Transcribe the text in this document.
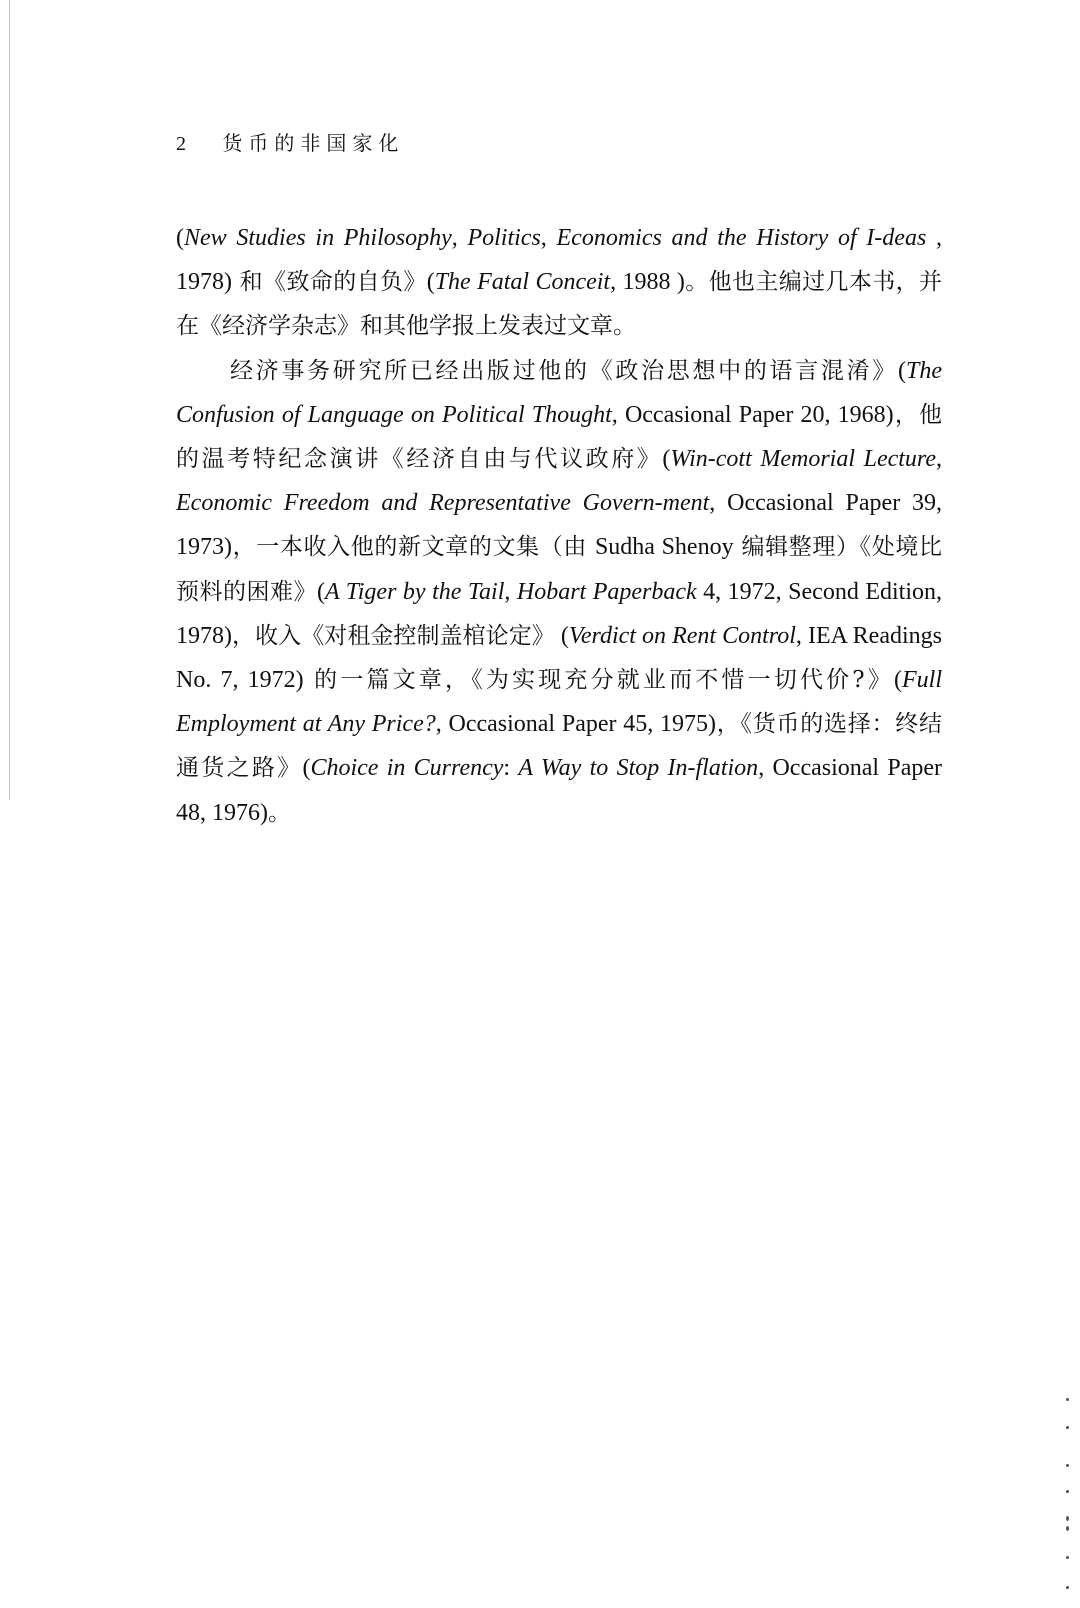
2 货币的非国家化

(New Studies in Philosophy, Politics, Economics and the History of I-deas , 1978) 和《致命的自负》(The Fatal Conceit, 1988 )。他也主编过几本书，并在《经济学杂志》和其他学报上发表过文章。

经济事务研究所已经出版过他的《政治思想中的语言混淆》(The Confusion of Language on Political Thought, Occasional Paper 20, 1968)，他的温考特纪念演讲《经济自由与代议政府》(Win-cott Memorial Lecture, Economic Freedom and Representative Govern-ment, Occasional Paper 39, 1973)，一本收入他的新文章的文集（由 Sudha Shenoy 编辑整理）《处境比预料的困难》(A Tiger by the Tail, Hobart Paperback 4, 1972, Second Edition, 1978)，收入《对租金控制盖棺论定》 (Verdict on Rent Control, IEA Readings No. 7, 1972) 的一篇文章，《为实现充分就业而不惜一切代价?》(Full Employment at Any Price?, Occasional Paper 45, 1975)，《货币的选择：终结通货之路》(Choice in Currency: A Way to Stop In-flation, Occasional Paper 48, 1976)。
